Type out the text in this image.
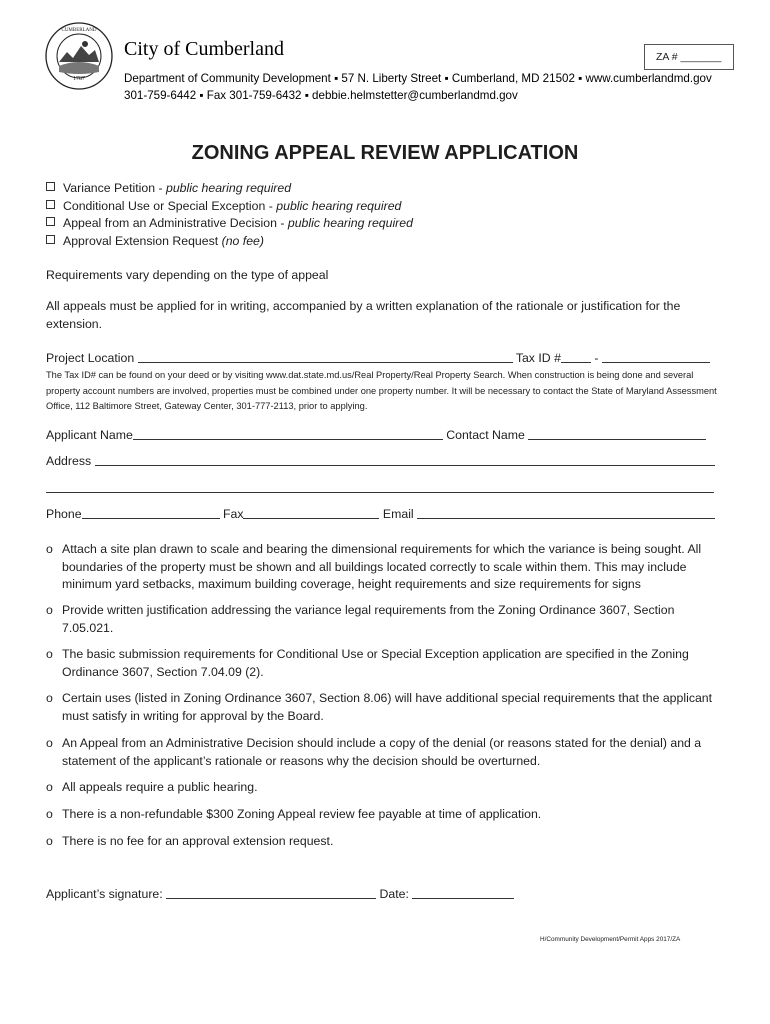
1787
CUMBERLAND
City of Cumberland
Department of Community Development ▪ 57 N. Liberty Street ▪ Cumberland, MD 21502 ▪ www.cumberlandmd.gov
301-759-6442 ▪ Fax 301-759-6432 ▪ debbie.helmstetter@cumberlandmd.gov
ZA # _______
ZONING APPEAL REVIEW APPLICATION
Variance Petition - public hearing required
Conditional Use or Special Exception - public hearing required
Appeal from an Administrative Decision - public hearing required
Approval Extension Request (no fee)
Requirements vary depending on the type of appeal
All appeals must be applied for in writing, accompanied by a written explanation of the rationale or justification for the extension.
Project Location	Tax ID #	-
The Tax ID# can be found on your deed or by visiting www.dat.state.md.us/Real Property/Real Property Search. When construction is being done and several property account numbers are involved, properties must be combined under one property number. It will be necessary to contact the State of Maryland Assessment Office, 112 Baltimore Street, Gateway Center, 301-777-2113, prior to applying.
Applicant Name	Contact Name
Address
Phone	Fax	Email
o Attach a site plan drawn to scale and bearing the dimensional requirements for which the variance is being sought. All boundaries of the property must be shown and all buildings located correctly to scale within them. This may include minimum yard setbacks, maximum building coverage, height requirements and size requirements for signs
o Provide written justification addressing the variance legal requirements from the Zoning Ordinance 3607, Section 7.05.021.
o The basic submission requirements for Conditional Use or Special Exception application are specified in the Zoning Ordinance 3607, Section 7.04.09 (2).
o Certain uses (listed in Zoning Ordinance 3607, Section 8.06) will have additional special requirements that the applicant must satisfy in writing for approval by the Board.
o An Appeal from an Administrative Decision should include a copy of the denial (or reasons stated for the denial) and a statement of the applicant’s rationale or reasons why the decision should be overturned.
o All appeals require a public hearing.
o There is a non-refundable $300 Zoning Appeal review fee payable at time of application.
o There is no fee for an approval extension request.
Applicant’s signature:	Date:
H/Community Development/Permit Apps 2017/ZA
